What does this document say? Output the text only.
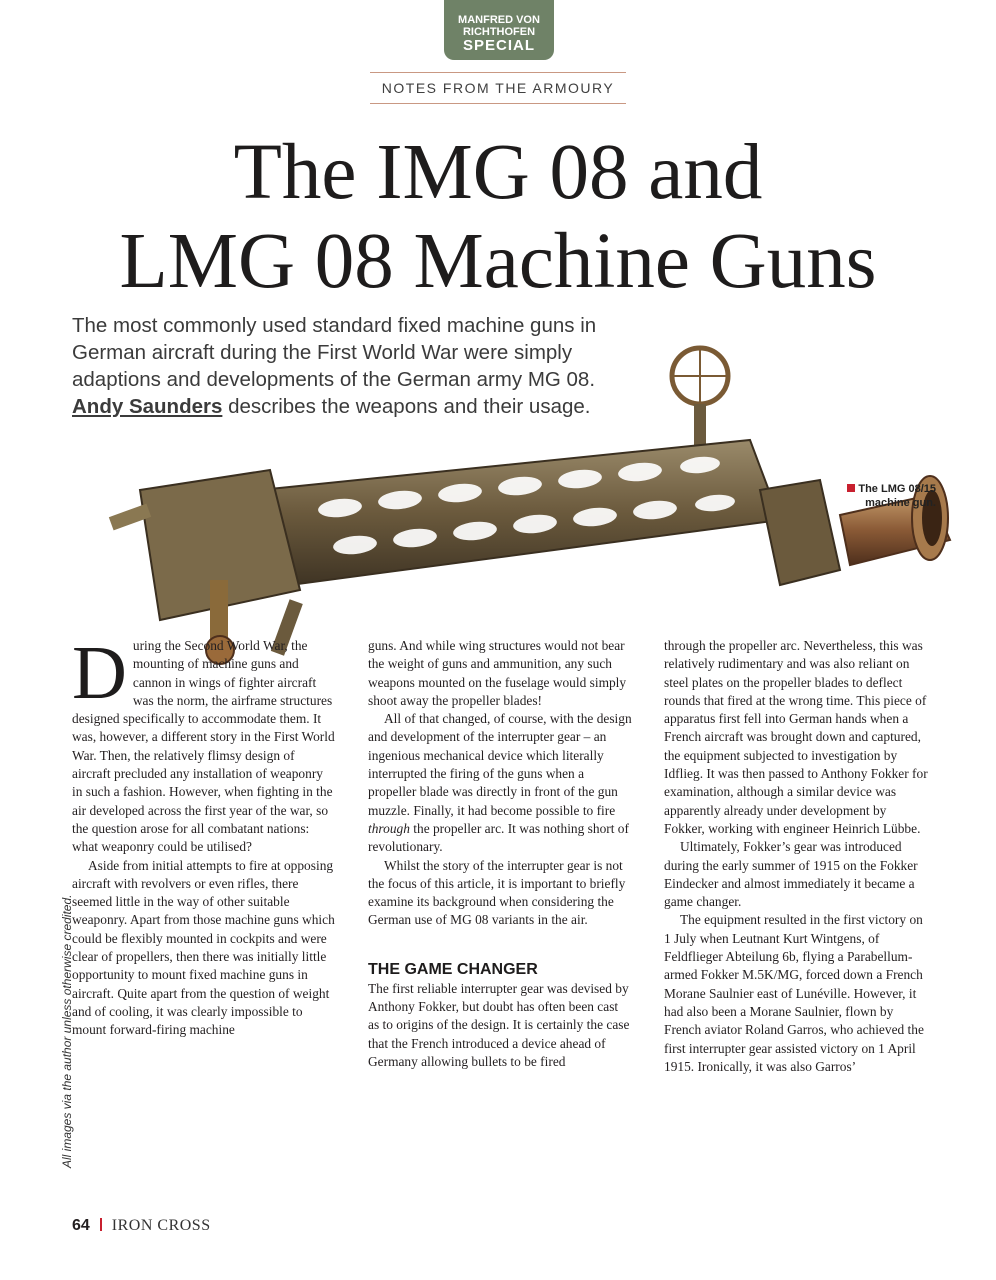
MANFRED VON
RICHTHOFEN
SPECIAL
NOTES FROM THE ARMOURY
The IMG 08 and
LMG 08 Machine Guns

The most commonly used standard fixed machine guns in German aircraft during the First World War were simply adaptions and developments of the German army MG 08. Andy Saunders describes the weapons and their usage.

The LMG 08/15
machine gun.
All images via the author unless otherwise credited.

During the Second World War, the mounting of machine guns and cannon in wings of fighter aircraft was the norm, the airframe structures designed specifically to accommodate them. It was, however, a different story in the First World War. Then, the relatively flimsy design of aircraft precluded any installation of weaponry in such a fashion. However, when fighting in the air developed across the first year of the war, so the question arose for all combatant nations: what weaponry could be utilised?

Aside from initial attempts to fire at opposing aircraft with revolvers or even rifles, there seemed little in the way of other suitable weaponry. Apart from those machine guns which could be flexibly mounted in cockpits and were clear of propellers, then there was initially little opportunity to mount fixed machine guns in aircraft. Quite apart from the question of weight and of cooling, it was clearly impossible to mount forward-firing machine

guns. And while wing structures would not bear the weight of guns and ammunition, any such weapons mounted on the fuselage would simply shoot away the propeller blades!

All of that changed, of course, with the design and development of the interrupter gear – an ingenious mechanical device which literally interrupted the firing of the guns when a propeller blade was directly in front of the gun muzzle. Finally, it had become possible to fire through the propeller arc. It was nothing short of revolutionary.

Whilst the story of the interrupter gear is not the focus of this article, it is important to briefly examine its background when considering the German use of MG 08 variants in the air.

THE GAME CHANGER

The first reliable interrupter gear was devised by Anthony Fokker, but doubt has often been cast as to origins of the design. It is certainly the case that the French introduced a device ahead of Germany allowing bullets to be fired

through the propeller arc. Nevertheless, this was relatively rudimentary and was also reliant on steel plates on the propeller blades to deflect rounds that fired at the wrong time. This piece of apparatus first fell into German hands when a French aircraft was brought down and captured, the equipment subjected to investigation by Idflieg. It was then passed to Anthony Fokker for examination, although a similar device was apparently already under development by Fokker, working with engineer Heinrich Lübbe.

Ultimately, Fokker’s gear was introduced during the early summer of 1915 on the Fokker Eindecker and almost immediately it became a game changer.

The equipment resulted in the first victory on 1 July when Leutnant Kurt Wintgens, of Feldflieger Abteilung 6b, flying a Parabellum-armed Fokker M.5K/MG, forced down a French Morane Saulnier east of Lunéville. However, it had also been a Morane Saulnier, flown by French aviator Roland Garros, who achieved the first interrupter gear assisted victory on 1 April 1915. Ironically, it was also Garros’

64 IRON CROSS
